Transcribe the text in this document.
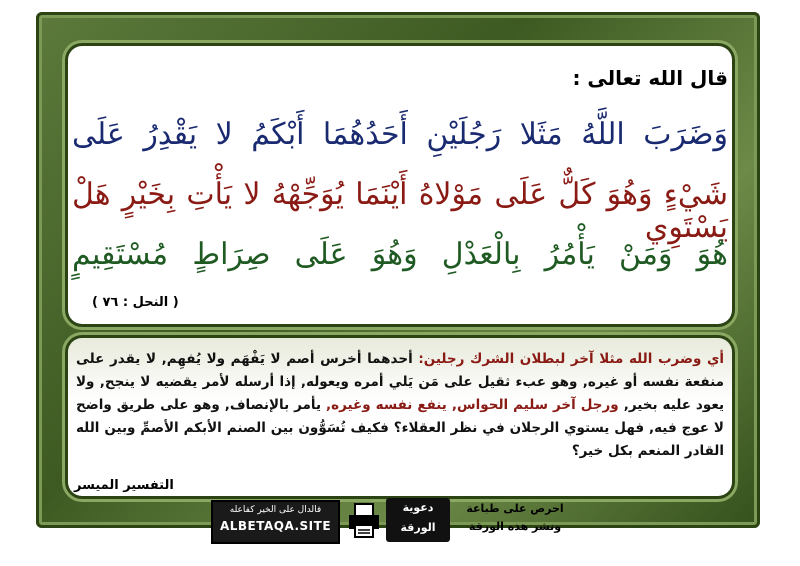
قال الله تعالى :
وَضَرَبَ اللَّهُ مَثَلا رَجُلَيْنِ أَحَدُهُمَا أَبْكَمُ لا يَقْدِرُ عَلَى
شَيْءٍ وَهُوَ كَلٌّ عَلَى مَوْلاهُ أَيْنَمَا يُوَجِّهْهُ لا يَأْتِ بِخَيْرٍ هَلْ يَسْتَوِي
هُوَ وَمَنْ يَأْمُرُ بِالْعَدْلِ وَهُوَ عَلَى صِرَاطٍ مُسْتَقِيمٍ
( النحل : ٧٦ )
أي وضرب الله مثلا آخر لبطلان الشرك رجلين: أحدهما أخرس أصم لا يَفْهَم ولا يُفهِم, لا يقدر على منفعة نفسه أو غيره, وهو عبء ثقيل على مَن يَلي أمره ويعوله, إذا أرسله لأمر يقضيه لا ينجح, ولا يعود عليه بخير, ورجل آخر سليم الحواس, ينفع نفسه وغيره, يأمر بالإنصاف, وهو على طريق واضح لا عوج فيه, فهل يستوي الرجلان في نظر العقلاء؟ فكيف تُسَوُّون بين الصنم الأبكم الأصمِّ وبين الله القادر المنعم بكل خير؟
التفسير الميسر
فالدال على الخير كفاعله
ALBETAQA.SITE
دعوية
الورقة
احرص على طباعة
ونشر هذه الورقة
